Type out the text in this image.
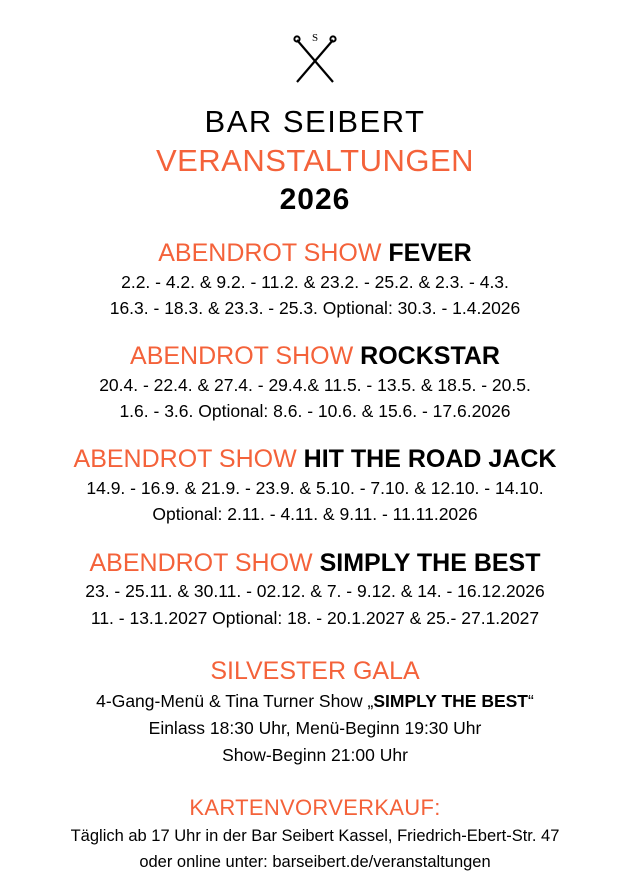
S
BAR SEIBERT
VERANSTALTUNGEN
2026
ABENDROT SHOW FEVER
2.2. - 4.2. & 9.2. - 11.2. & 23.2. - 25.2. & 2.3. - 4.3.
16.3. - 18.3. & 23.3. - 25.3. Optional: 30.3. - 1.4.2026
ABENDROT SHOW ROCKSTAR
20.4. - 22.4. & 27.4. - 29.4.& 11.5. - 13.5. & 18.5. - 20.5.
1.6. - 3.6. Optional: 8.6. - 10.6. & 15.6. - 17.6.2026
ABENDROT SHOW HIT THE ROAD JACK
14.9. - 16.9. & 21.9. - 23.9. & 5.10. - 7.10. & 12.10. - 14.10.
Optional: 2.11. - 4.11. & 9.11. - 11.11.2026
ABENDROT SHOW SIMPLY THE BEST
23. - 25.11. & 30.11. - 02.12. & 7. - 9.12. & 14. - 16.12.2026
11. - 13.1.2027 Optional: 18. - 20.1.2027 & 25.- 27.1.2027
SILVESTER GALA
4-Gang-Menü & Tina Turner Show „SIMPLY THE BEST“
Einlass 18:30 Uhr, Menü-Beginn 19:30 Uhr
Show-Beginn 21:00 Uhr
KARTENVORVERKAUF:
Täglich ab 17 Uhr in der Bar Seibert Kassel, Friedrich-Ebert-Str. 47
oder online unter: barseibert.de/veranstaltungen
